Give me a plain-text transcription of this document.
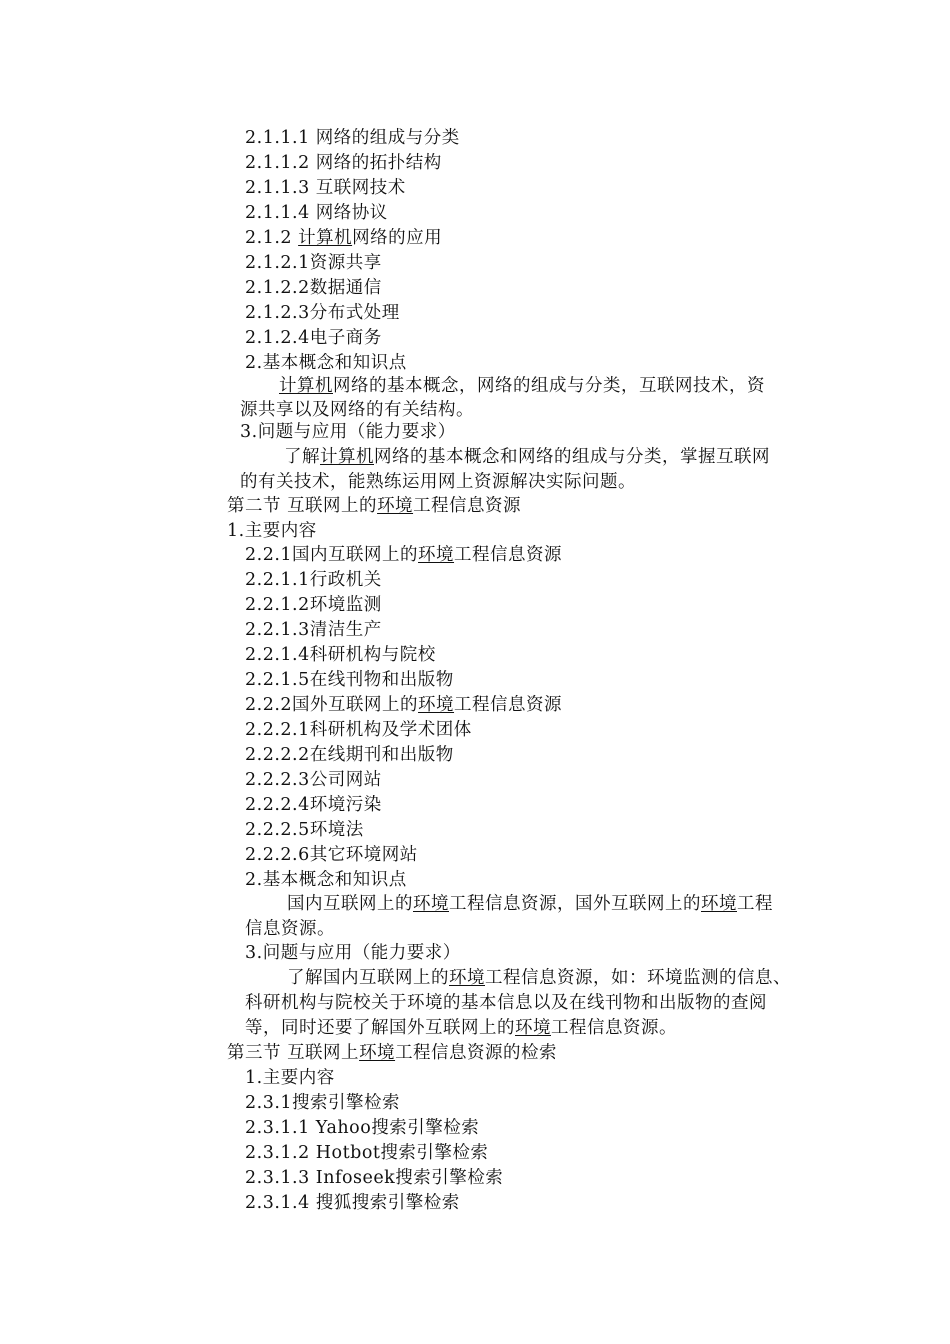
2.1.1.1 网络的组成与分类
2.1.1.2 网络的拓扑结构
2.1.1.3 互联网技术
2.1.1.4 网络协议
2.1.2 计算机网络的应用
2.1.2.1资源共享
2.1.2.2数据通信
2.1.2.3分布式处理
2.1.2.4电子商务
2.基本概念和知识点
计算机网络的基本概念，网络的组成与分类，互联网技术，资
源共享以及网络的有关结构。
3.问题与应用（能力要求）
了解计算机网络的基本概念和网络的组成与分类，掌握互联网
的有关技术，能熟练运用网上资源解决实际问题。
第二节 互联网上的环境工程信息资源
1.主要内容
2.2.1国内互联网上的环境工程信息资源
2.2.1.1行政机关
2.2.1.2环境监测
2.2.1.3清洁生产
2.2.1.4科研机构与院校
2.2.1.5在线刊物和出版物
2.2.2国外互联网上的环境工程信息资源
2.2.2.1科研机构及学术团体
2.2.2.2在线期刊和出版物
2.2.2.3公司网站
2.2.2.4环境污染
2.2.2.5环境法
2.2.2.6其它环境网站
2.基本概念和知识点
国内互联网上的环境工程信息资源，国外互联网上的环境工程
信息资源。
3.问题与应用（能力要求）
了解国内互联网上的环境工程信息资源，如：环境监测的信息、
科研机构与院校关于环境的基本信息以及在线刊物和出版物的查阅
等，同时还要了解国外互联网上的环境工程信息资源。
第三节 互联网上环境工程信息资源的检索
1.主要内容
2.3.1搜索引擎检索
2.3.1.1 Yahoo搜索引擎检索
2.3.1.2 Hotbot搜索引擎检索
2.3.1.3 Infoseek搜索引擎检索
2.3.1.4 搜狐搜索引擎检索
